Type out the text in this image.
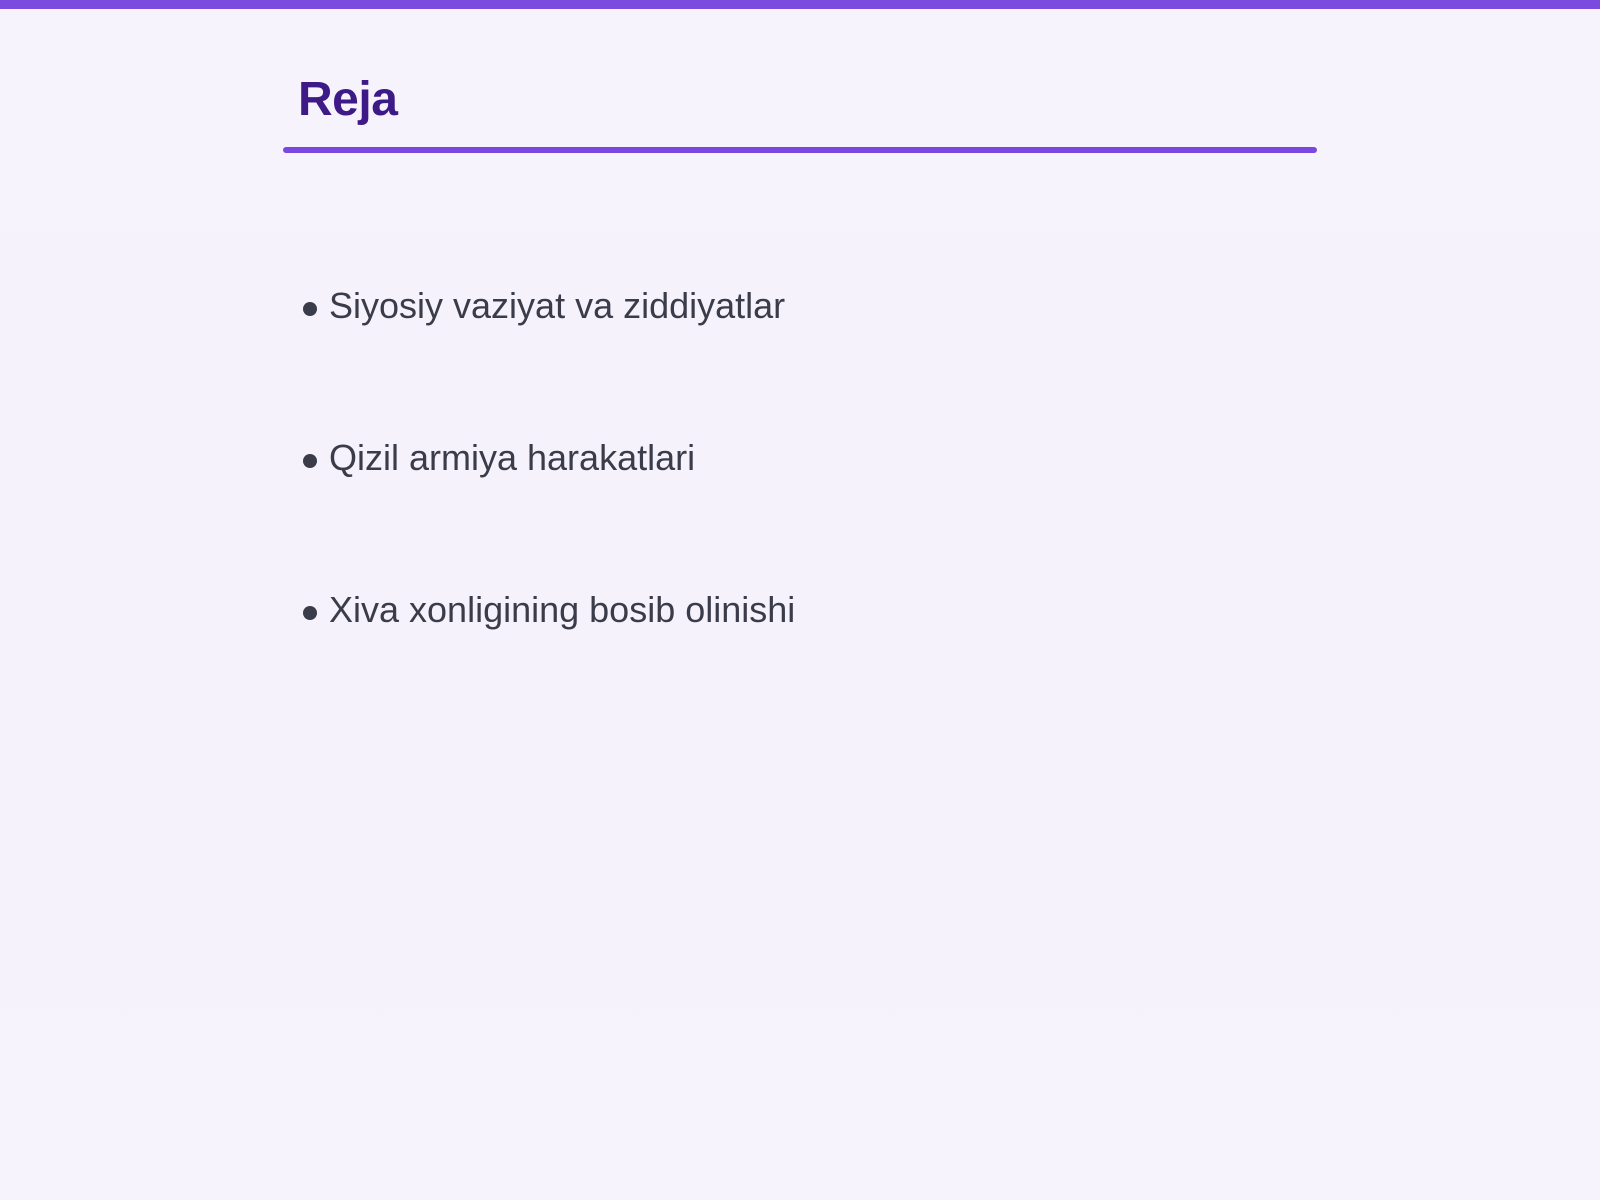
Reja
Siyosiy vaziyat va ziddiyatlar
Qizil armiya harakatlari
Xiva xonligining bosib olinishi
